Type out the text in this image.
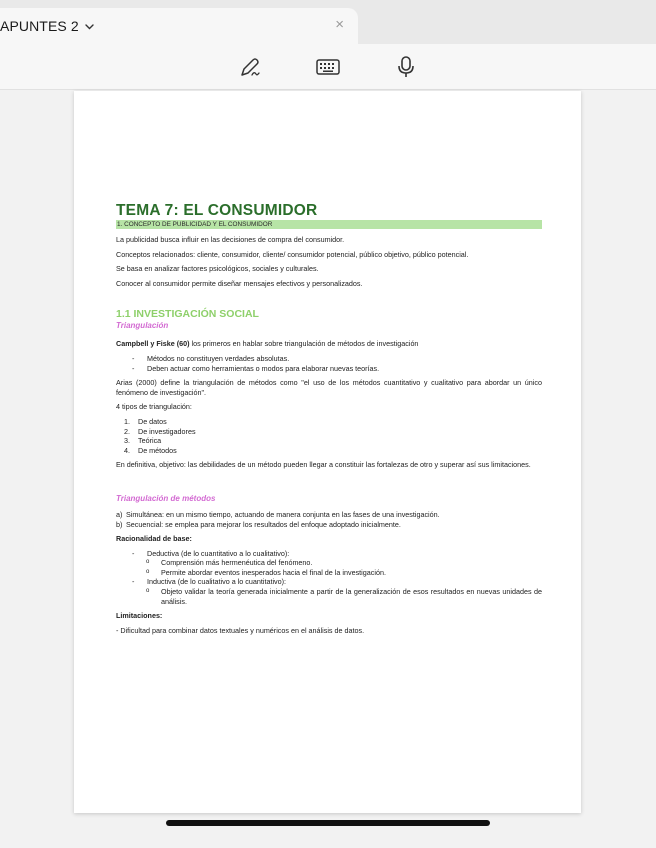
APUNTES 2	×
TEMA 7: EL CONSUMIDOR
1. CONCEPTO DE PUBLICIDAD Y EL CONSUMIDOR

La publicidad busca influir en las decisiones de compra del consumidor.

Conceptos relacionados: cliente, consumidor, cliente/ consumidor potencial, público objetivo, público potencial.

Se basa en analizar factores psicológicos, sociales y culturales.

Conocer al consumidor permite diseñar mensajes efectivos y personalizados.

1.1 INVESTIGACIÓN SOCIAL
Triangulación

Campbell y Fiske (60) los primeros en hablar sobre triangulación de métodos de investigación

- Métodos no constituyen verdades absolutas.
- Deben actuar como herramientas o modos para elaborar nuevas teorías.

Arias (2000) define la triangulación de métodos como "el uso de los métodos cuantitativo y cualitativo para abordar un único fenómeno de investigación".

4 tipos de triangulación:

1.	De datos
2.	De investigadores
3.	Teórica
4.	De métodos

En definitiva, objetivo: las debilidades de un método pueden llegar a constituir las fortalezas de otro y superar así sus limitaciones.

Triangulación de métodos
a) Simultánea: en un mismo tiempo, actuando de manera conjunta en las fases de una investigación.
b) Secuencial: se emplea para mejorar los resultados del enfoque adoptado inicialmente.

Racionalidad de base:

- Deductiva (de lo cuantitativo a lo cualitativo):
o Comprensión más hermenéutica del fenómeno.
o Permite abordar eventos inesperados hacia el final de la investigación.
- Inductiva (de lo cualitativo a lo cuantitativo):
o Objeto validar la teoría generada inicialmente a partir de la generalización de esos resultados en nuevas unidades de análisis.

Limitaciones:

- Dificultad para combinar datos textuales y numéricos en el análisis de datos.
